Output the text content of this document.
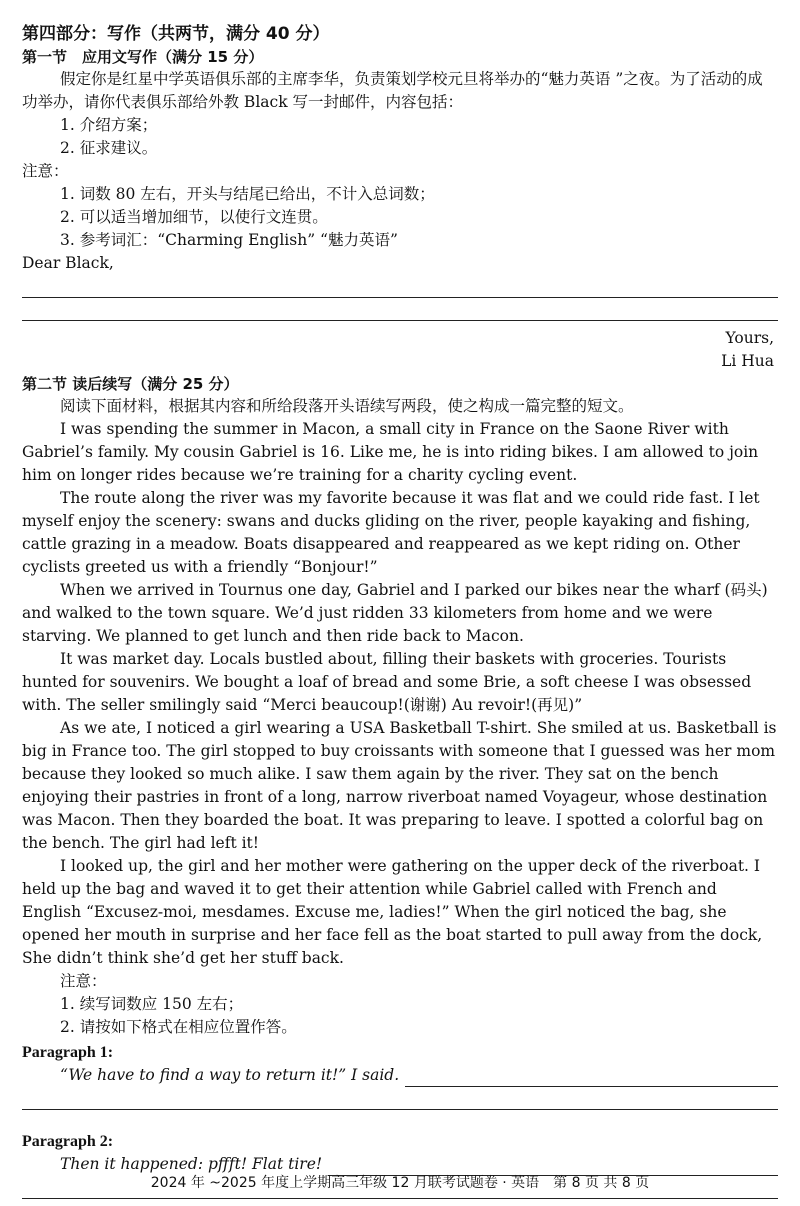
第四部分：写作（共两节，满分 40 分）
第一节　应用文写作（满分 15 分）

假定你是红星中学英语俱乐部的主席李华，负责策划学校元旦将举办的“魅力英语 ”之夜。为了活动的成功举办，请你代表俱乐部给外教 Black 写一封邮件，内容包括：

1. 介绍方案；

2. 征求建议。

注意：

1. 词数 80 左右，开头与结尾已给出，不计入总词数；

2. 可以适当增加细节，以使行文连贯。

3. 参考词汇：“Charming English” “魅力英语”

Dear Black,

Yours,

Li Hua

第二节 读后续写（满分 25 分）

阅读下面材料，根据其内容和所给段落开头语续写两段，使之构成一篇完整的短文。

I was spending the summer in Macon, a small city in France on the Saone River with Gabriel’s family. My cousin Gabriel is 16. Like me, he is into riding bikes. I am allowed to join him on longer rides because we’re training for a charity cycling event.

The route along the river was my favorite because it was flat and we could ride fast. I let myself enjoy the scenery: swans and ducks gliding on the river, people kayaking and fishing, cattle grazing in a meadow. Boats disappeared and reappeared as we kept riding on. Other cyclists greeted us with a friendly “Bonjour!”

When we arrived in Tournus one day, Gabriel and I parked our bikes near the wharf (码头) and walked to the town square. We’d just ridden 33 kilometers from home and we were starving. We planned to get lunch and then ride back to Macon.

It was market day. Locals bustled about, filling their baskets with groceries. Tourists hunted for souvenirs. We bought a loaf of bread and some Brie, a soft cheese I was obsessed with. The seller smilingly said “Merci beaucoup!(谢谢) Au revoir!(再见)”

As we ate, I noticed a girl wearing a USA Basketball T-shirt. She smiled at us. Basketball is big in France too. The girl stopped to buy croissants with someone that I guessed was her mom because they looked so much alike. I saw them again by the river. They sat on the bench enjoying their pastries in front of a long, narrow riverboat named Voyageur, whose destination was Macon. Then they boarded the boat. It was preparing to leave. I spotted a colorful bag on the bench. The girl had left it!

I looked up, the girl and her mother were gathering on the upper deck of the riverboat. I held up the bag and waved it to get their attention while Gabriel called with French and English “Excusez-moi, mesdames. Excuse me, ladies!” When the girl noticed the bag, she opened her mouth in surprise and her face fell as the boat started to pull away from the dock, She didn’t think she’d get her stuff back.

注意：

1. 续写词数应 150 左右；

2. 请按如下格式在相应位置作答。

Paragraph 1:

“We have to find a way to return it!” I said.

Paragraph 2:

Then it happened: pffft! Flat tire!
2024 年 ~2025 年度上学期高三年级 12 月联考试题卷 · 英语　第 8 页 共 8 页
